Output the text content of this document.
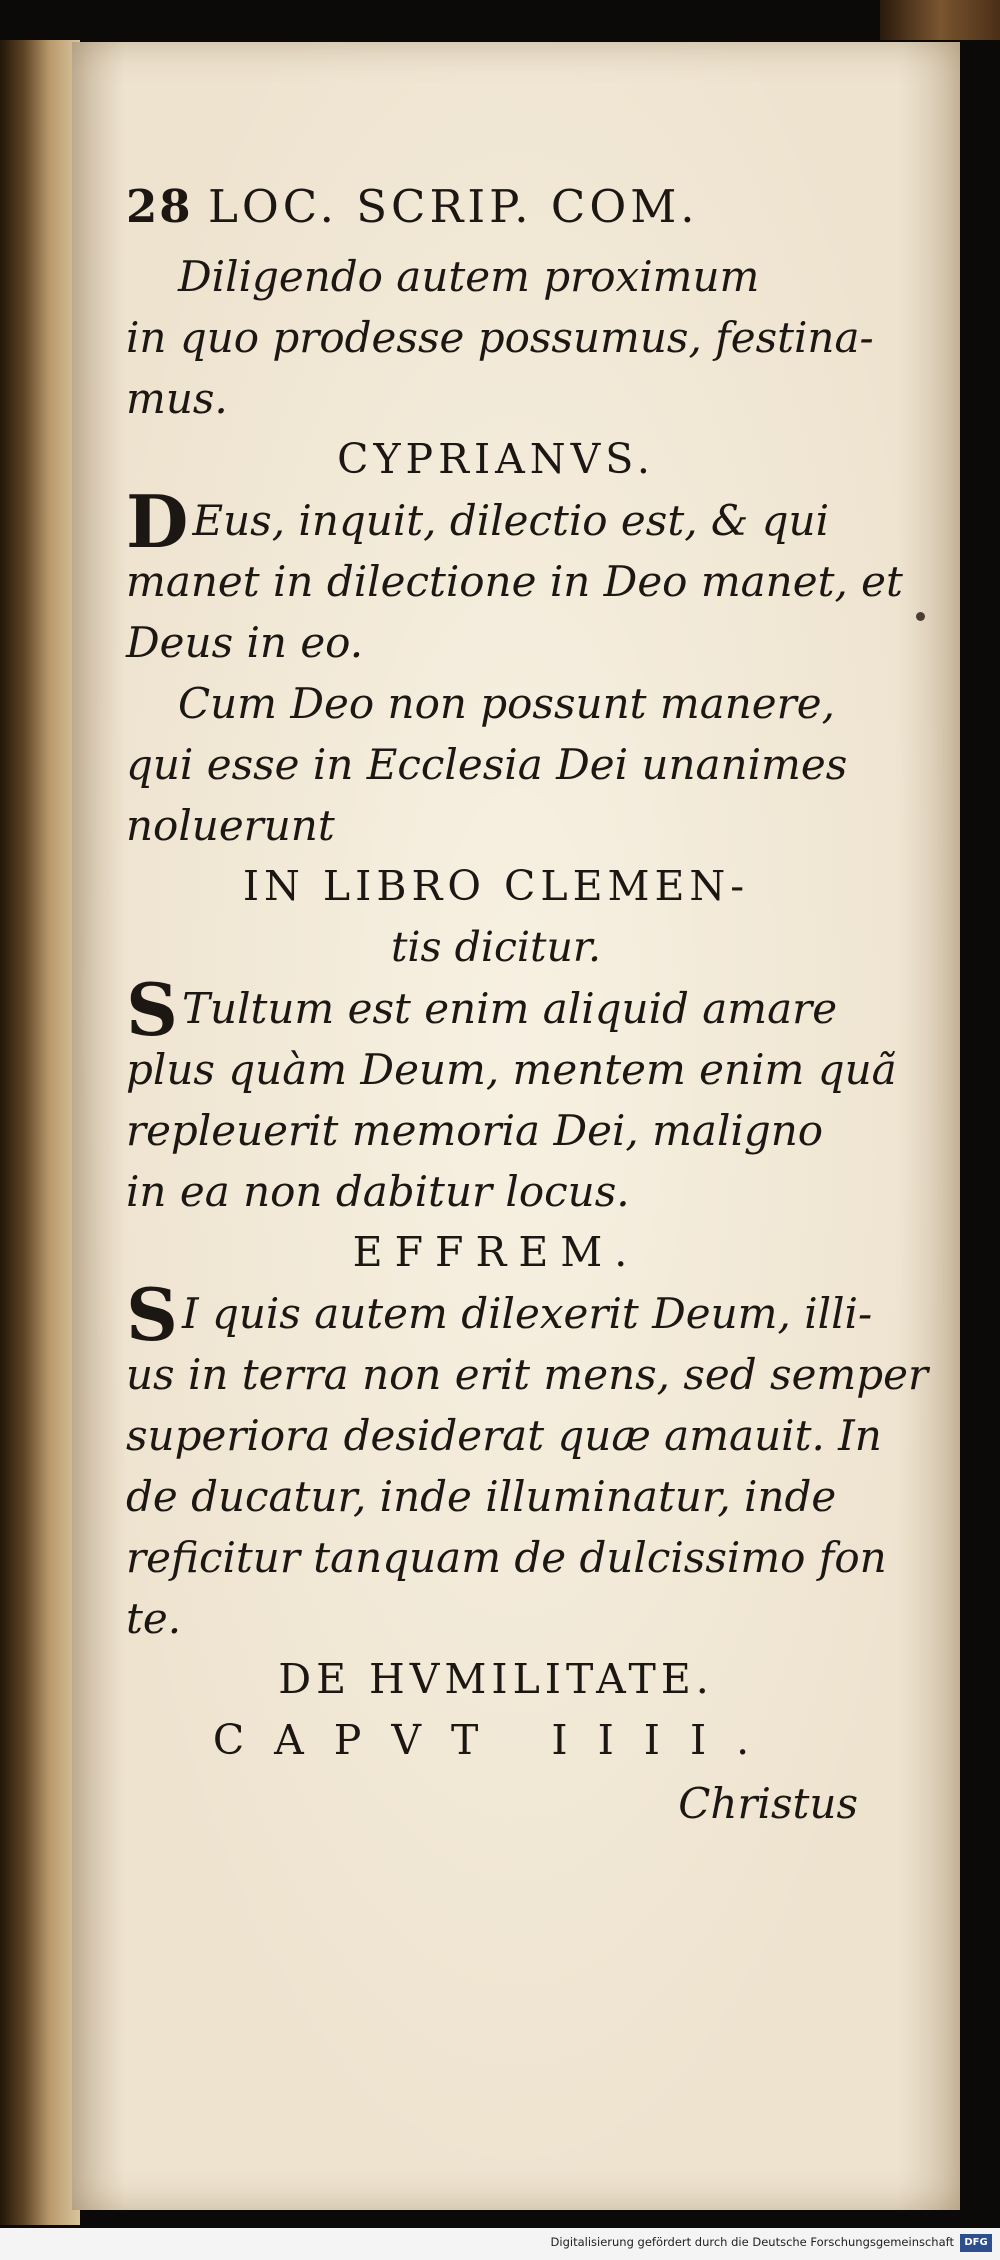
28 LOC. SCRIP. COM.
Diligendo autem proximum
in quo prodesse possumus, festina-
mus.
CYPRIANVS.
D Eus, inquit, dilectio est, & qui
manet in dilectione in Deo manet, et
Deus in eo.
Cum Deo non possunt manere,
qui esse in Ecclesia Dei unanimes
noluerunt
IN LIBRO CLEMEN-
tis dicitur.
S Tultum est enim aliquid amare
plus quàm Deum, mentem enim quã
repleuerit memoria Dei, maligno
in ea non dabitur locus.
EFFREM.
S I quis autem dilexerit Deum, illi-
us in terra non erit mens, sed semper
superiora desiderat quæ amauit. In
de ducatur, inde illuminatur, inde
reficitur tanquam de dulcissimo fon
te.
DE HVMILITATE.
CAPVT IIII.
Christus
Digitalisierung gefördert durch die Deutsche Forschungsgemeinschaft	DFG
